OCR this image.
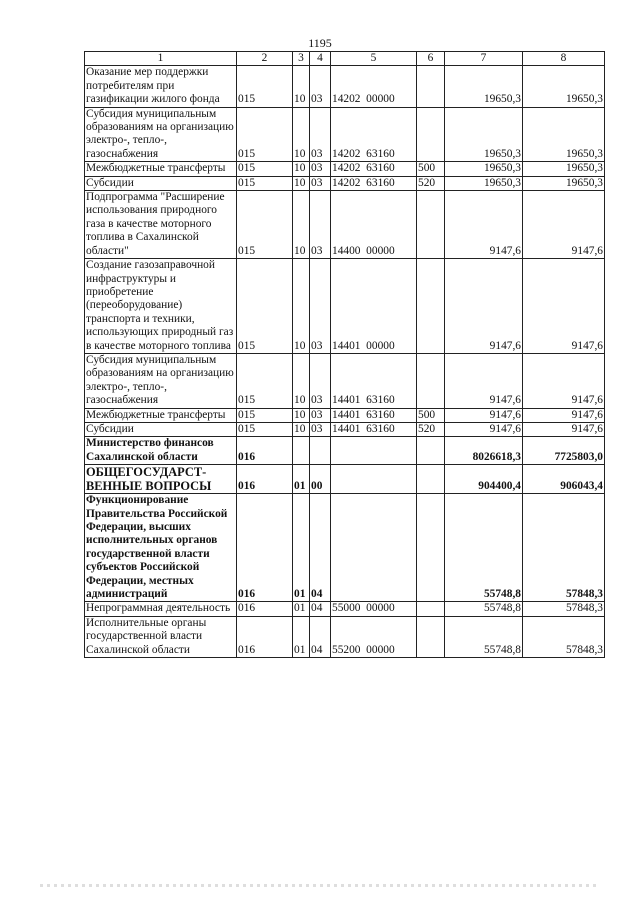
1195
1	2	3	4	5	6	7	8
Оказание мер поддержки потребителям при газификации жилого фонда	015	10	03	14202  00000		19650,3	19650,3
Субсидия муниципальным образованиям на организацию электро-, тепло-, газоснабжения	015	10	03	14202  63160		19650,3	19650,3
Межбюджетные трансферты	015	10	03	14202  63160	500	19650,3	19650,3
Субсидии	015	10	03	14202  63160	520	19650,3	19650,3
Подпрограмма "Расширение использования природного газа в качестве моторного топлива в Сахалинской области"	015	10	03	14400  00000		9147,6	9147,6
Создание газозаправочной инфраструктуры и приобретение (переоборудование) транспорта и техники, использующих природный газ в качестве моторного топлива	015	10	03	14401  00000		9147,6	9147,6
Субсидия муниципальным образованиям на организацию электро-, тепло-, газоснабжения	015	10	03	14401  63160		9147,6	9147,6
Межбюджетные трансферты	015	10	03	14401  63160	500	9147,6	9147,6
Субсидии	015	10	03	14401  63160	520	9147,6	9147,6
Министерство финансов Сахалинской области	016					8026618,3	7725803,0
ОБЩЕГОСУДАРСТ-ВЕННЫЕ ВОПРОСЫ	016	01	00			904400,4	906043,4
Функционирование Правительства Российской Федерации, высших исполнительных органов государственной власти субъектов Российской Федерации, местных администраций	016	01	04			55748,8	57848,3
Непрограммная деятельность	016	01	04	55000  00000		55748,8	57848,3
Исполнительные органы государственной власти Сахалинской области	016	01	04	55200  00000		55748,8	57848,3
